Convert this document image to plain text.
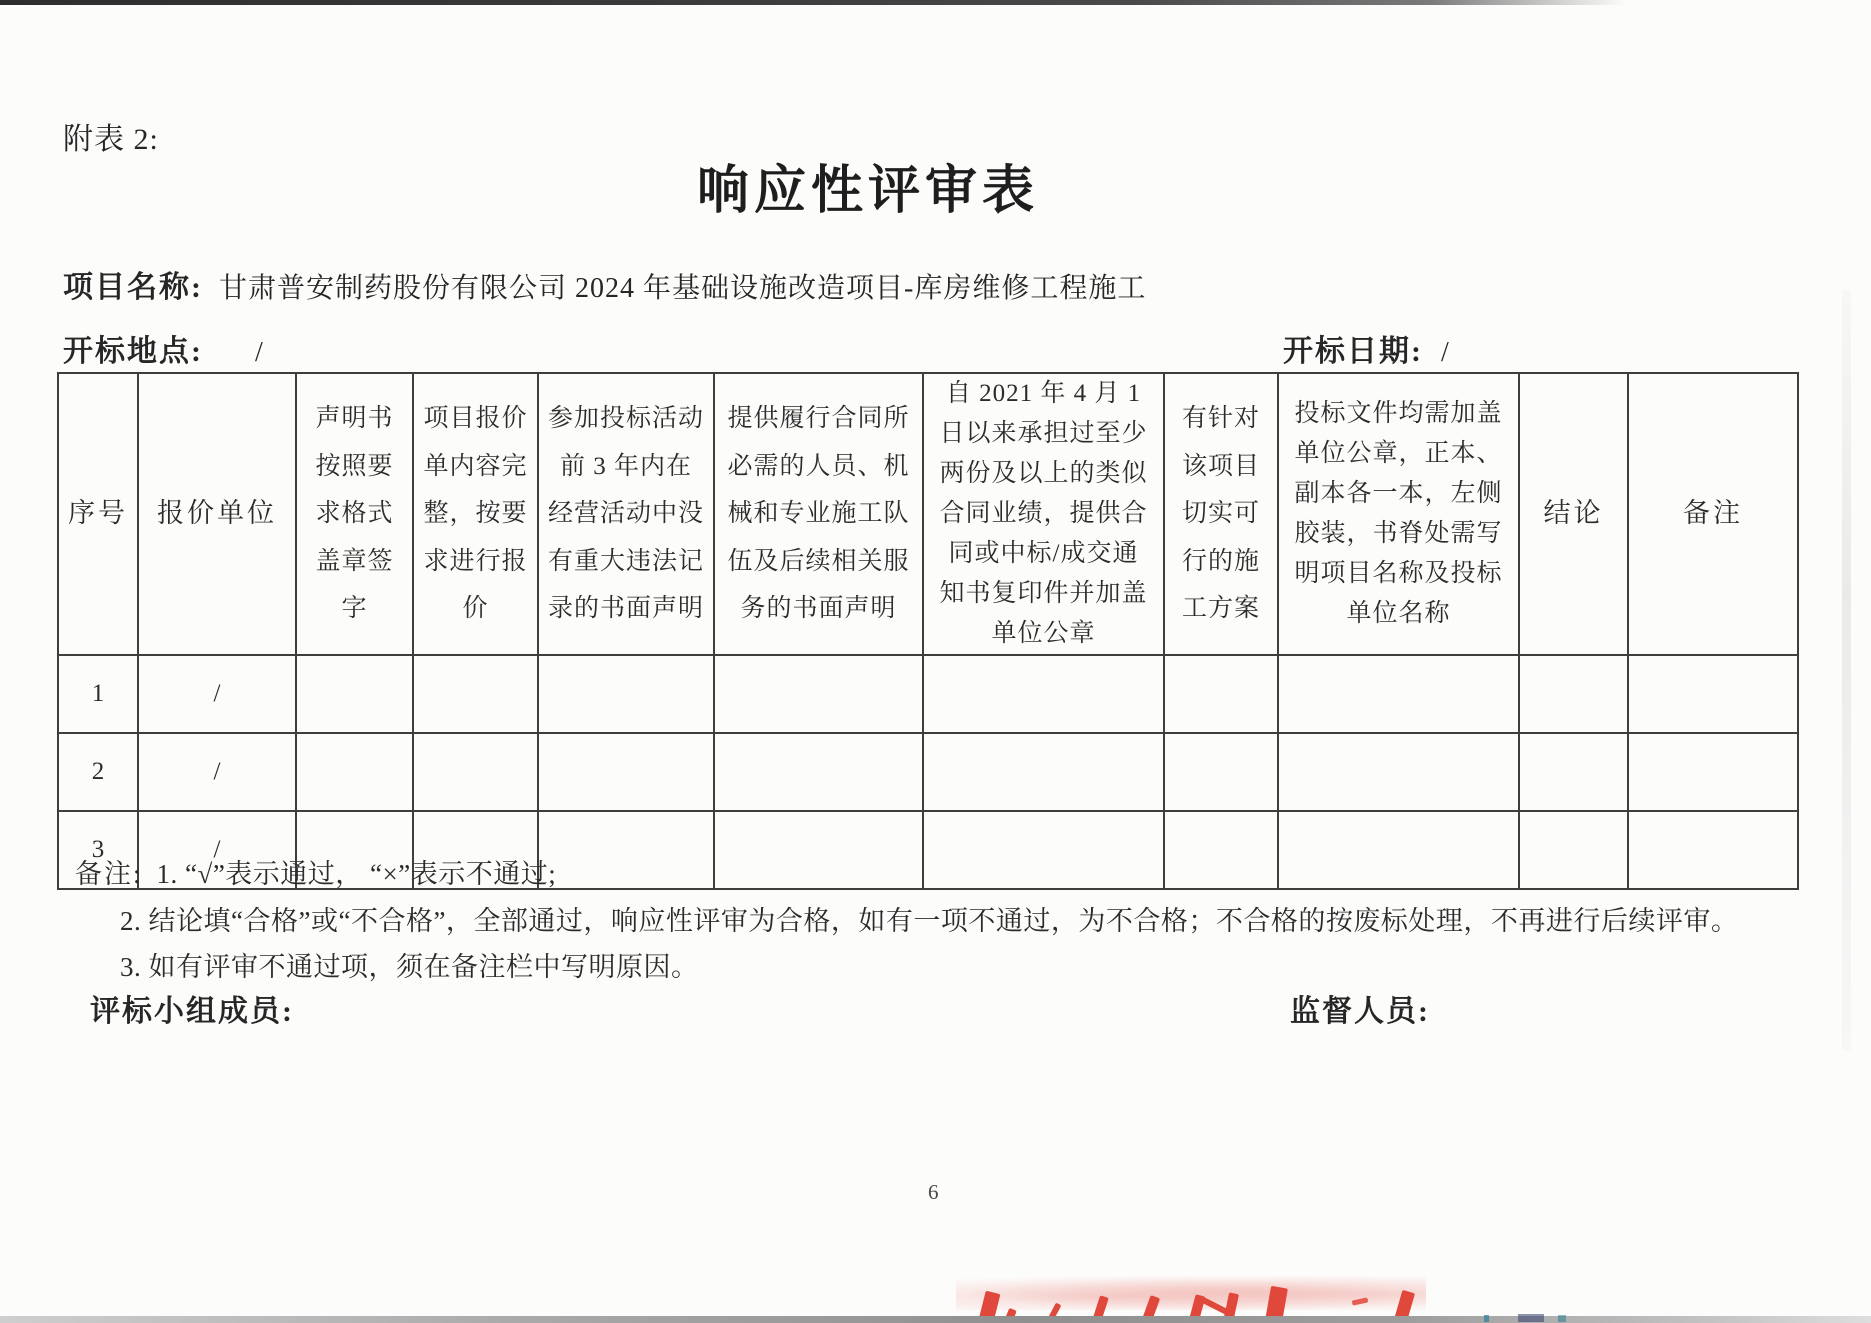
附表 2:
响应性评审表
项目名称: 甘肃普安制药股份有限公司 2024 年基础设施改造项目-库房维修工程施工
开标地点: /	开标日期: /
序号	报价单位	声明书按照要求格式盖章签字	项目报价单内容完整，按要求进行报价	参加投标活动前 3 年内在经营活动中没有重大违法记录的书面声明	提供履行合同所必需的人员、机械和专业施工队伍及后续相关服务的书面声明	自 2021 年 4 月 1 日以来承担过至少两份及以上的类似合同业绩，提供合同或中标/成交通知书复印件并加盖单位公章	有针对该项目切实可行的施工方案	投标文件均需加盖单位公章，正本、副本各一本，左侧胶装，书脊处需写明项目名称及投标单位名称	结论	备注
1	/									
2	/									
3	/									
备注: 1. “√”表示通过， “×”表示不通过;
2. 结论填“合格”或“不合格”，全部通过，响应性评审为合格，如有一项不通过，为不合格；不合格的按废标处理，不再进行后续评审。
3. 如有评审不通过项，须在备注栏中写明原因。
评标小组成员:	监督人员:
6
